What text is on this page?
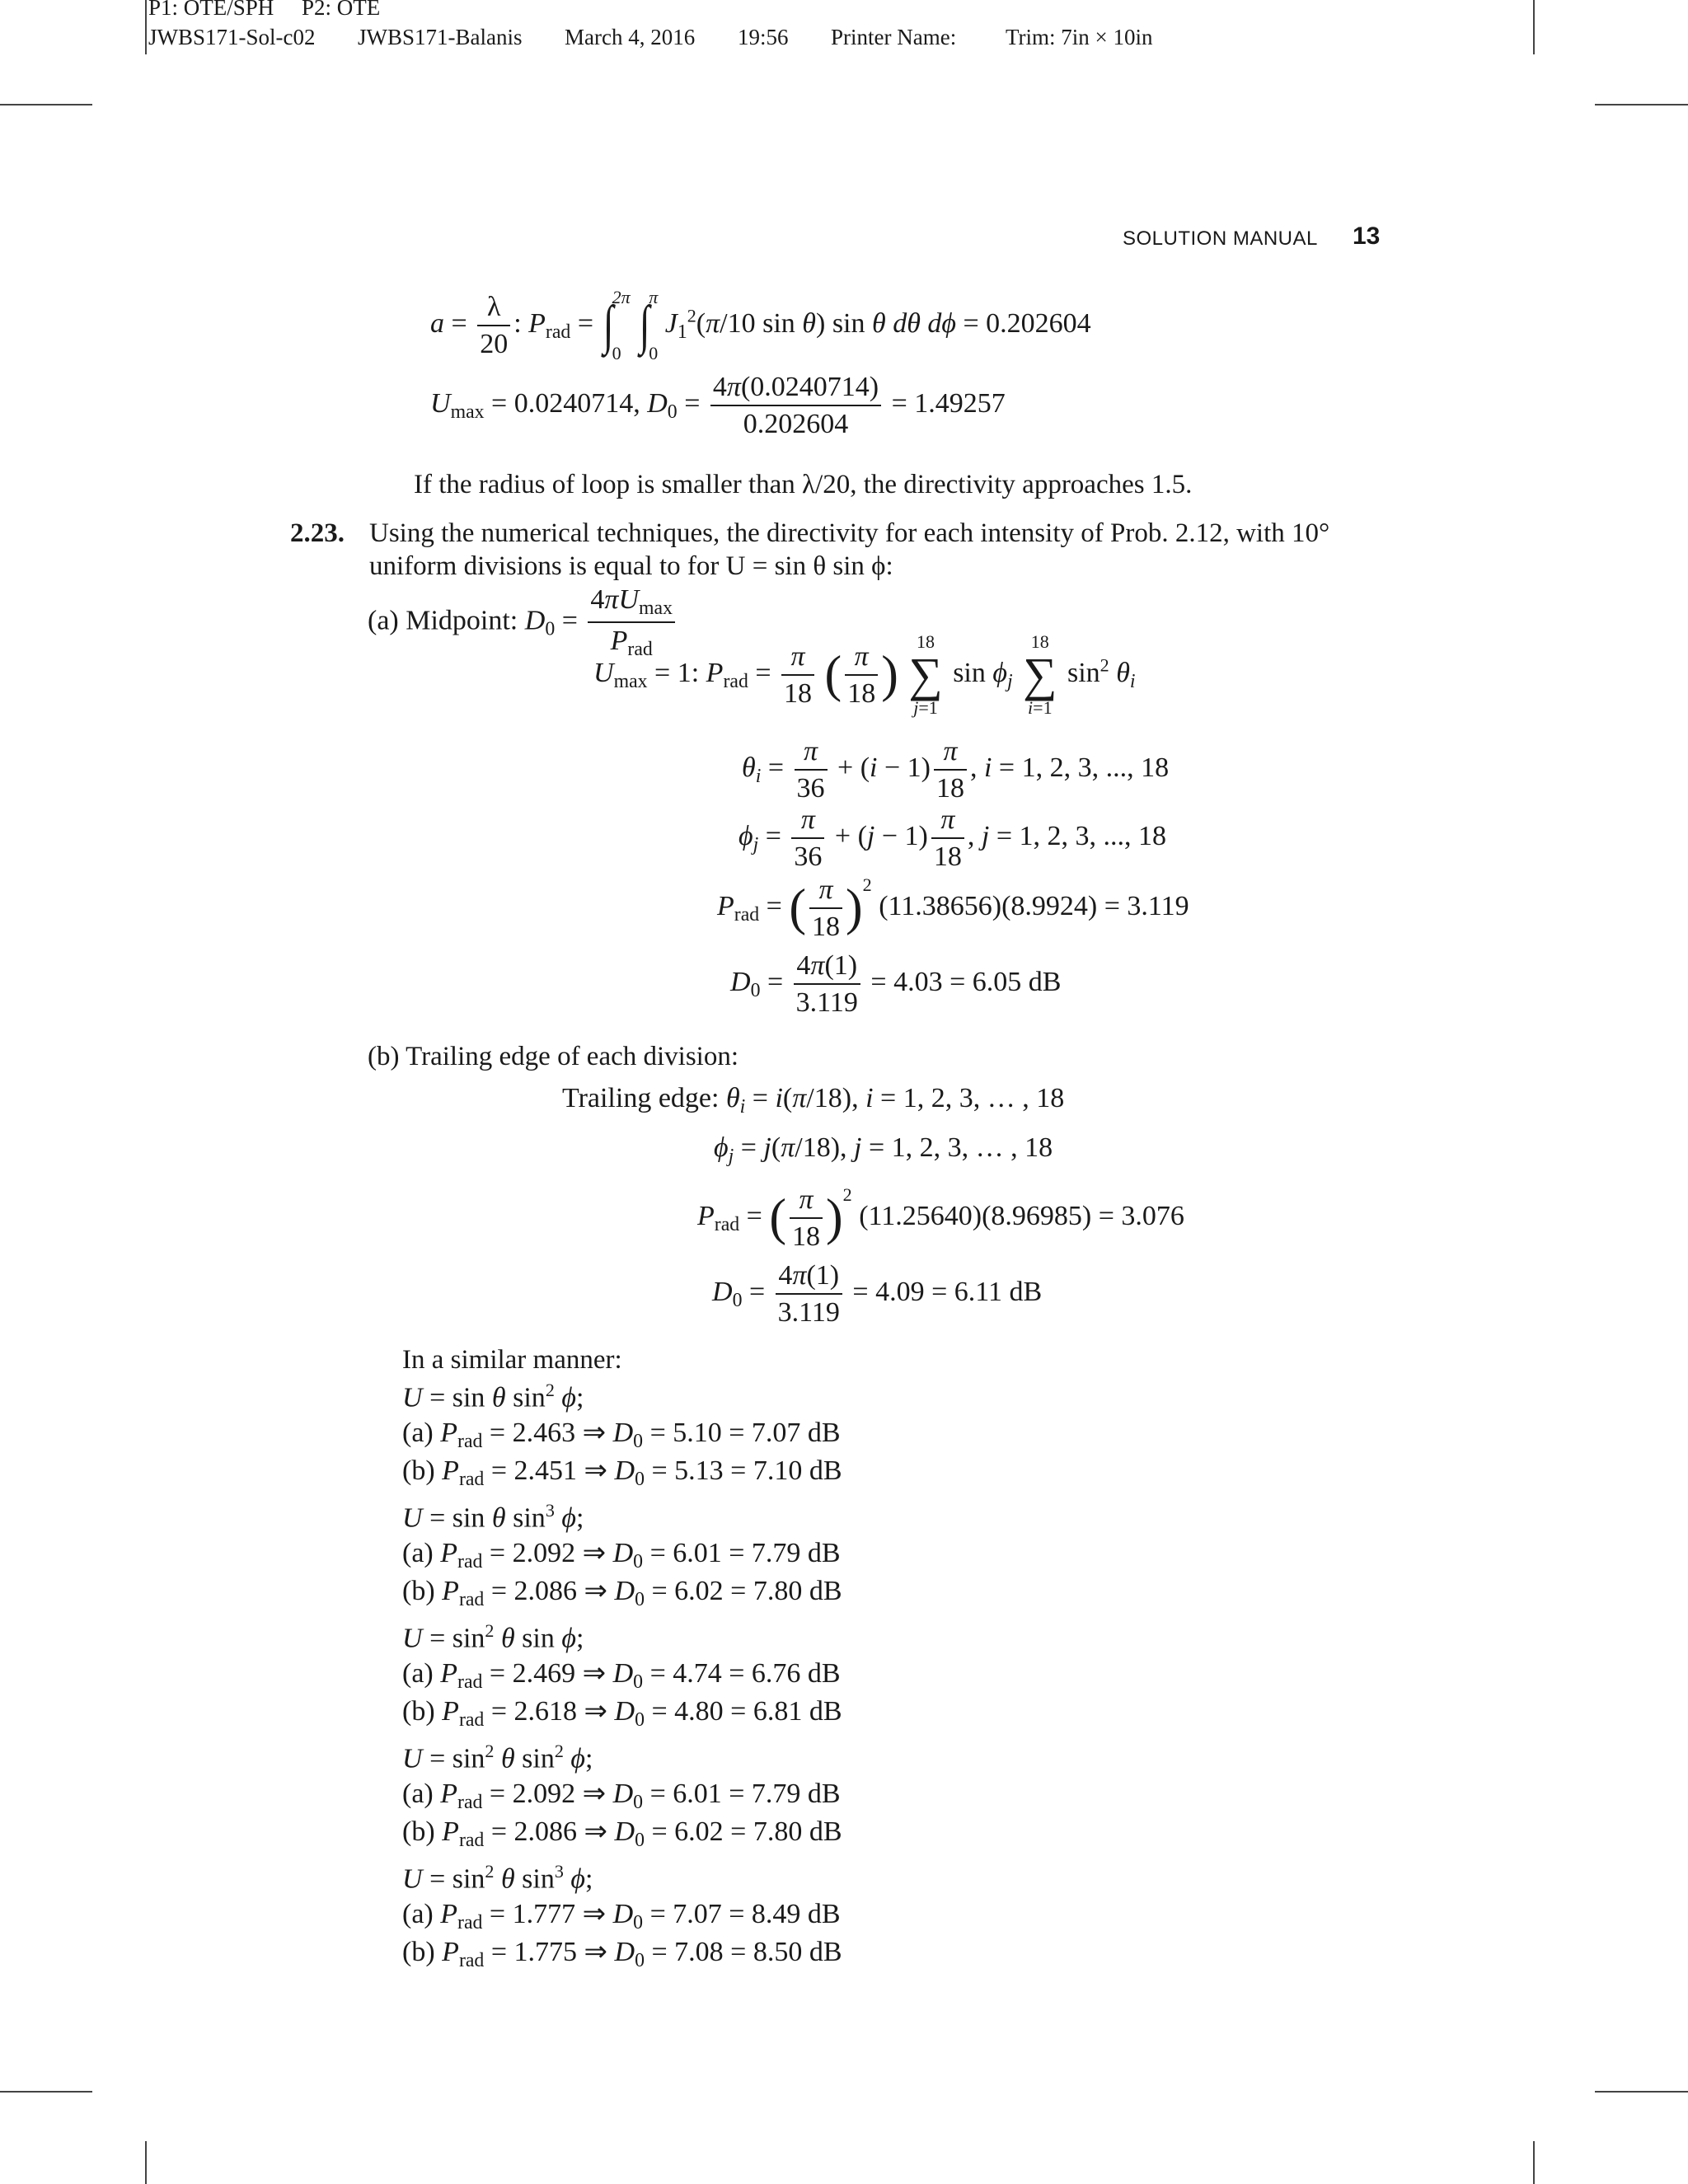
P1: OTE/SPH     P2: OTE
JWBS171-Sol-c02 JWBS171-Balanis March 4, 2016 19:56 Printer Name: Trim: 7in × 10in
SOLUTION MANUAL 13
$a = \frac{\lambda}{20}$ : $P_{rad}$ = ∫
2π
0 ∫
π
0
$J_1^2(\pi/10$ sin θ) sin θ dθ dϕ = 0.202604
$U_{max} = 0.0240714$, $D_0 = \frac{4\pi(0.0240714)}{0.202604} = 1.49257$
If the radius of loop is smaller than λ/20, the directivity approaches 1.5.
2.23. Using the numerical techniques, the directivity for each intensity of Prob. 2.12, with 10°
uniform divisions is equal to for U = sin θ sin ϕ:
(a) Midpoint: $D_0 = \frac{4\pi U_{max}}{P_{rad}}$
$U_{max} = 1$: $P_{rad} = \frac{\pi}{18}$ ( $\frac{\pi}{18}$ )
18
∑
j=1
$\sin \phi_j$
18
∑
i=1
$\sin^2 \theta_i$
$\theta_i = \frac{\pi}{36} + (i - 1) \frac{\pi}{18}$ , i = 1, 2, 3, ..., 18
$\phi_j = \frac{\pi}{36} + (j - 1) \frac{\pi}{18}$ , j = 1, 2, 3, ..., 18
$P_{rad}$ = ( $\frac{\pi}{18} )^2$ (11.38656)(8.9924) = 3.119
$D_0 = \frac{4\pi(1)}{3.119} = 4.03 = 6.05$ dB
(b) Trailing edge of each division:
Trailing edge: $\theta_i = i(\pi/18)$, i = 1, 2, 3, … , 18
$\phi_j = j(\pi/18)$, j = 1, 2, 3, … , 18
$P_{rad}$ = ( $\frac{\pi}{18} )^2$ (11.25640)(8.96985) = 3.076
$D_0 = \frac{4\pi(1)}{3.119} = 4.09 = 6.11$ dB
In a similar manner:
U = sin θ $\sin^2 \phi$;
(a) $P_{rad} = 2.463$ ⇒ $D_0 = 5.10 = 7.07$ dB
(b) $P_{rad} = 2.451$ ⇒ $D_0 = 5.13 = 7.10$ dB
U = sin θ $\sin^3 \phi$;
(a) $P_{rad} = 2.092$ ⇒ $D_0 = 6.01 = 7.79$ dB
(b) $P_{rad} = 2.086$ ⇒ $D_0 = 6.02 = 7.80$ dB
$U = \sin^2 \theta$ sin ϕ;
(a) $P_{rad} = 2.469$ ⇒ $D_0 = 4.74 = 6.76$ dB
(b) $P_{rad} = 2.618$ ⇒ $D_0 = 4.80 = 6.81$ dB
$U = \sin^2 \theta$ $\sin^2 \phi$;
(a) $P_{rad} = 2.092$ ⇒ $D_0 = 6.01 = 7.79$ dB
(b) $P_{rad} = 2.086$ ⇒ $D_0 = 6.02 = 7.80$ dB
$U = \sin^2 \theta$ $\sin^3 \phi$;
(a) $P_{rad} = 1.777$ ⇒ $D_0 = 7.07 = 8.49$ dB
(b) $P_{rad} = 1.775$ ⇒ $D_0 = 7.08 = 8.50$ dB
